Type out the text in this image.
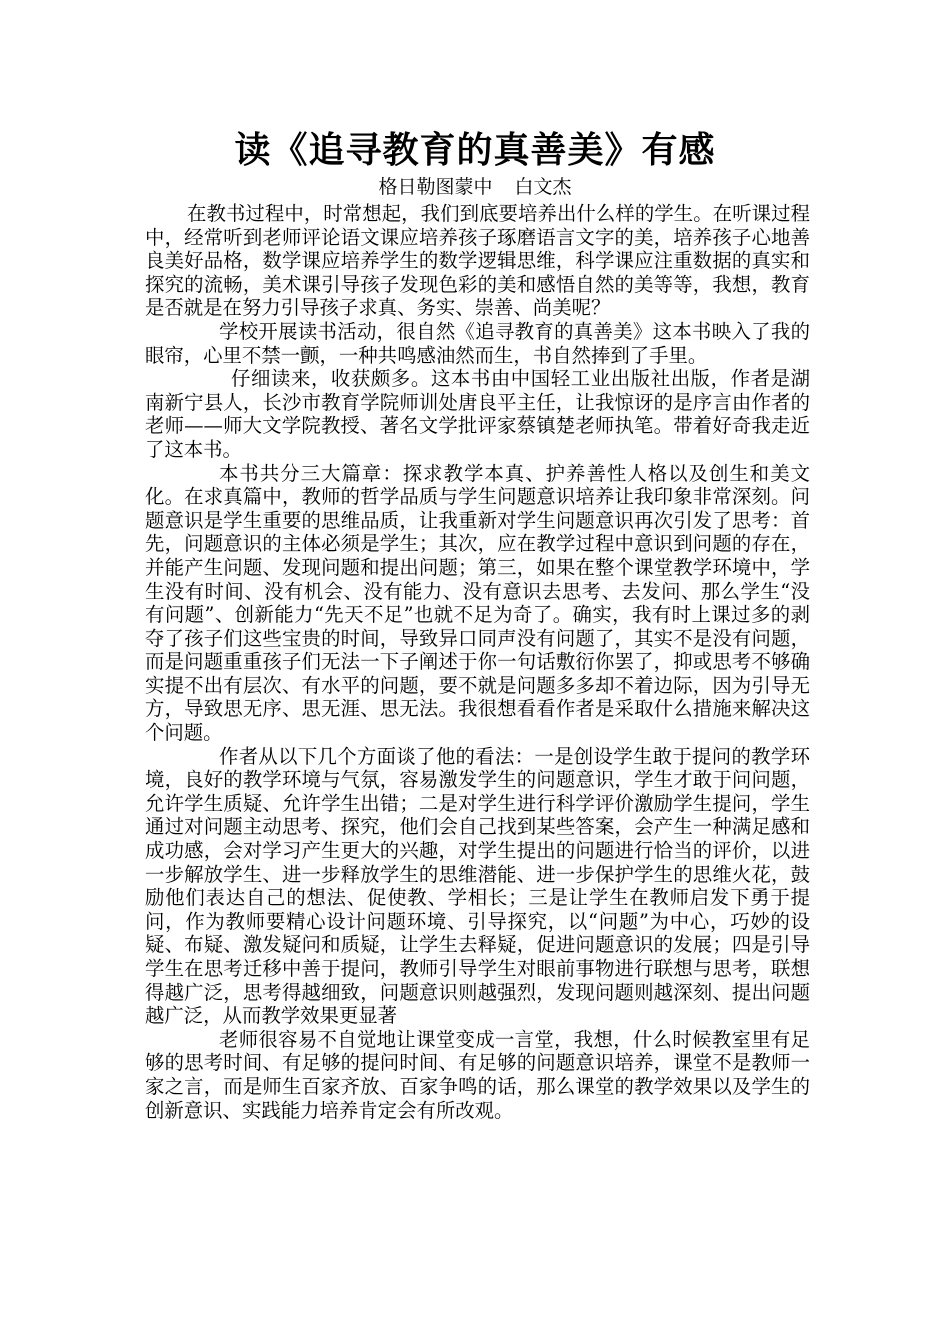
读《追寻教育的真善美》有感
格日勒图蒙中 白文杰

在教书过程中，时常想起，我们到底要培养出什么样的学生。在听课过程中，经常听到老师评论语文课应培养孩子琢磨语言文字的美，培养孩子心地善良美好品格，数学课应培养学生的数学逻辑思维，科学课应注重数据的真实和探究的流畅，美术课引导孩子发现色彩的美和感悟自然的美等等，我想，教育是否就是在努力引导孩子求真、务实、崇善、尚美呢？

学校开展读书活动，很自然《追寻教育的真善美》这本书映入了我的眼帘，心里不禁一颤，一种共鸣感油然而生，书自然捧到了手里。

仔细读来，收获颇多。这本书由中国轻工业出版社出版，作者是湖南新宁县人，长沙市教育学院师训处唐良平主任，让我惊讶的是序言由作者的老师——师大文学院教授、著名文学批评家蔡镇楚老师执笔。带着好奇我走近了这本书。

本书共分三大篇章：探求教学本真、护养善性人格以及创生和美文化。在求真篇中，教师的哲学品质与学生问题意识培养让我印象非常深刻。问题意识是学生重要的思维品质，让我重新对学生问题意识再次引发了思考：首先，问题意识的主体必须是学生；其次，应在教学过程中意识到问题的存在，并能产生问题、发现问题和提出问题；第三，如果在整个课堂教学环境中，学生没有时间、没有机会、没有能力、没有意识去思考、去发问、那么学生“没有问题”、创新能力“先天不足”也就不足为奇了。确实，我有时上课过多的剥夺了孩子们这些宝贵的时间，导致异口同声没有问题了，其实不是没有问题，而是问题重重孩子们无法一下子阐述于你一句话敷衍你罢了，抑或思考不够确实提不出有层次、有水平的问题，要不就是问题多多却不着边际，因为引导无方，导致思无序、思无涯、思无法。我很想看看作者是采取什么措施来解决这个问题。

作者从以下几个方面谈了他的看法：一是创设学生敢于提问的教学环境，良好的教学环境与气氛，容易激发学生的问题意识，学生才敢于问问题，允许学生质疑、允许学生出错；二是对学生进行科学评价激励学生提问，学生通过对问题主动思考、探究，他们会自己找到某些答案，会产生一种满足感和成功感，会对学习产生更大的兴趣，对学生提出的问题进行恰当的评价，以进一步解放学生、进一步释放学生的思维潜能、进一步保护学生的思维火花，鼓励他们表达自己的想法、促使教、学相长；三是让学生在教师启发下勇于提问，作为教师要精心设计问题环境、引导探究，以“问题”为中心，巧妙的设疑、布疑、激发疑问和质疑，让学生去释疑，促进问题意识的发展；四是引导学生在思考迁移中善于提问，教师引导学生对眼前事物进行联想与思考，联想得越广泛，思考得越细致，问题意识则越强烈，发现问题则越深刻、提出问题越广泛，从而教学效果更显著

老师很容易不自觉地让课堂变成一言堂，我想，什么时候教室里有足够的思考时间、有足够的提问时间、有足够的问题意识培养，课堂不是教师一家之言，而是师生百家齐放、百家争鸣的话，那么课堂的教学效果以及学生的创新意识、实践能力培养肯定会有所改观。
